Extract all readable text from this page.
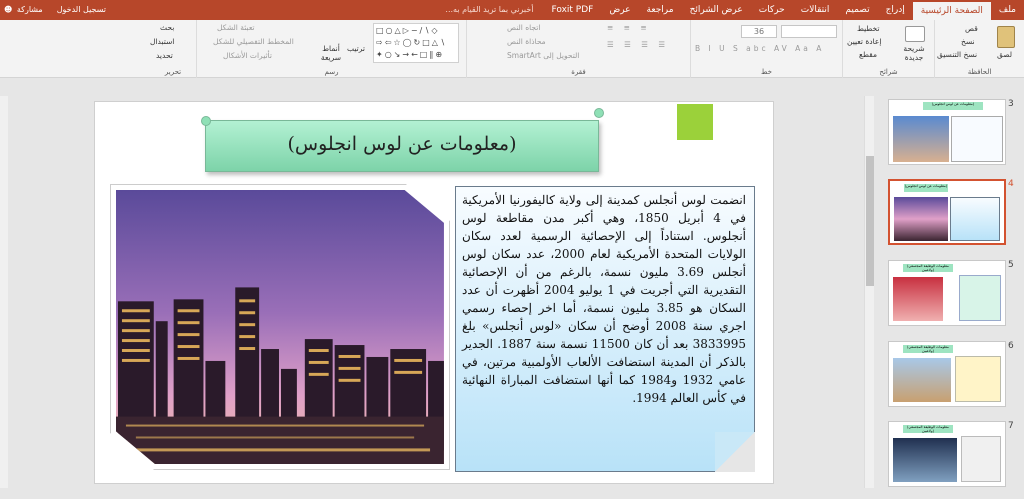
ملف
الصفحة الرئيسية
إدراج
تصميم
انتقالات
حركات
عرض الشرائح
مراجعة
عرض
Foxit PDF
أخبرني بما تريد القيام به...
☻ مشاركة تسجيل الدخول
لصق
قص
نسخ
نسخ التنسيق
الحافظة
شريحة جديدة
تخطيط
إعادة تعيين
مقطع
شرائح
36
B I U S abc AV Aa A
خط
اتجاه النص
محاذاة النص
التحويل إلى SmartArt
≡ ≡ ≡
☰ ☰ ☰ ☰
فقرة
□○△▷−∕∖◇
⇨⇦☆◯↻□△∖
✦○↘→←□∥⊕
ترتيب
أنماط سريعة
تعبئة الشكل
المخطط التفصيلي للشكل
تأثيرات الأشكال
رسم
بحث
استبدال
تحديد
تحرير
(معلومات عن لوس انجلوس)

انضمت لوس أنجلس كمدينة إلى ولاية كاليفورنيا الأمريكية في 4 أبريل 1850، وهي أكبر مدن مقاطعة لوس أنجلوس. استناداً إلى الإحصائية الرسمية لعدد سكان الولايات المتحدة الأمريكية لعام 2000، عدد سكان لوس أنجلس 3.69 مليون نسمة، بالرغم من أن الإحصائية التقديرية التي أجريت في 1 يوليو 2004 أظهرت أن عدد السكان هو 3.85 مليون نسمة، أما اخر إحصاء رسمي اجري سنة 2008 أوضح أن سكان «لوس أنجلس» بلغ 3833995 بعد أن كان 11500 نسمة سنة 1887. الجدير بالذكر أن المدينة استضافت الألعاب الأولمبية مرتين، في عامي 1932 و1984 كما أنها استضافت المباراة النهائية في كأس العالم 1994.

(معلومات عن لوس انجلوس)	3
(معلومات عن لوس انجلوس)	4
(معلومات الوظيفة المجتمعي ولاعبين)	5
(معلومات الوظيفة المجتمعي ولاعبين)	6
(معلومات الوظيفة المجتمعي ولاعبين)	7
